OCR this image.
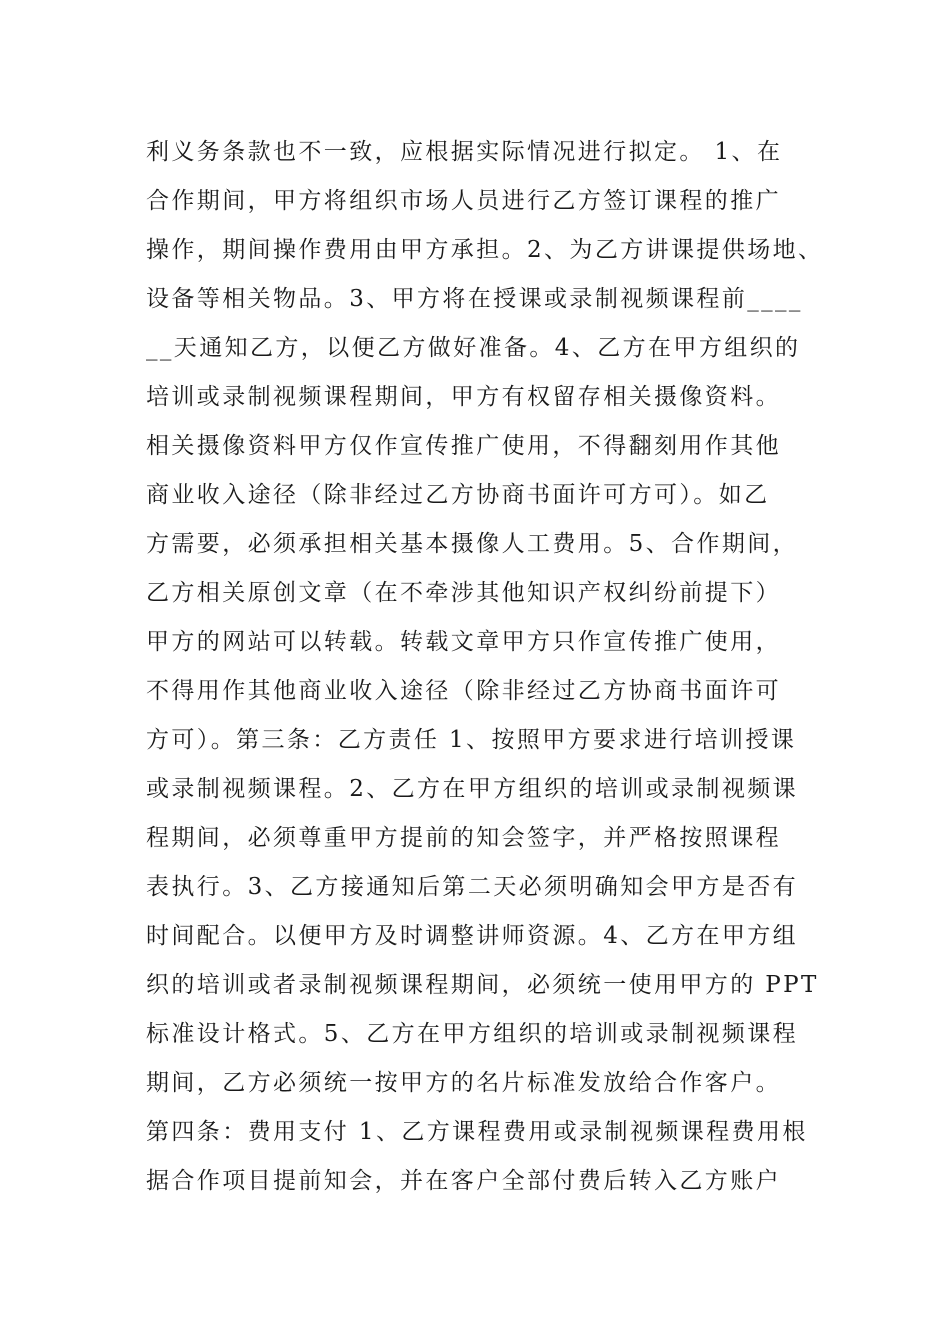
利义务条款也不一致，应根据实际情况进行拟定。 1、在
合作期间，甲方将组织市场人员进行乙方签订课程的推广
操作，期间操作费用由甲方承担。2、为乙方讲课提供场地、
设备等相关物品。3、甲方将在授课或录制视频课程前____
__天通知乙方，以便乙方做好准备。4、乙方在甲方组织的
培训或录制视频课程期间，甲方有权留存相关摄像资料。
相关摄像资料甲方仅作宣传推广使用，不得翻刻用作其他
商业收入途径（除非经过乙方协商书面许可方可）。如乙
方需要，必须承担相关基本摄像人工费用。5、合作期间，
乙方相关原创文章（在不牵涉其他知识产权纠纷前提下）
甲方的网站可以转载。转载文章甲方只作宣传推广使用，
不得用作其他商业收入途径（除非经过乙方协商书面许可
方可）。第三条：乙方责任 1、按照甲方要求进行培训授课
或录制视频课程。2、乙方在甲方组织的培训或录制视频课
程期间，必须尊重甲方提前的知会签字，并严格按照课程
表执行。3、乙方接通知后第二天必须明确知会甲方是否有
时间配合。以便甲方及时调整讲师资源。4、乙方在甲方组
织的培训或者录制视频课程期间，必须统一使用甲方的 PPT
标准设计格式。5、乙方在甲方组织的培训或录制视频课程
期间，乙方必须统一按甲方的名片标准发放给合作客户。
第四条：费用支付 1、乙方课程费用或录制视频课程费用根
据合作项目提前知会，并在客户全部付费后转入乙方账户
